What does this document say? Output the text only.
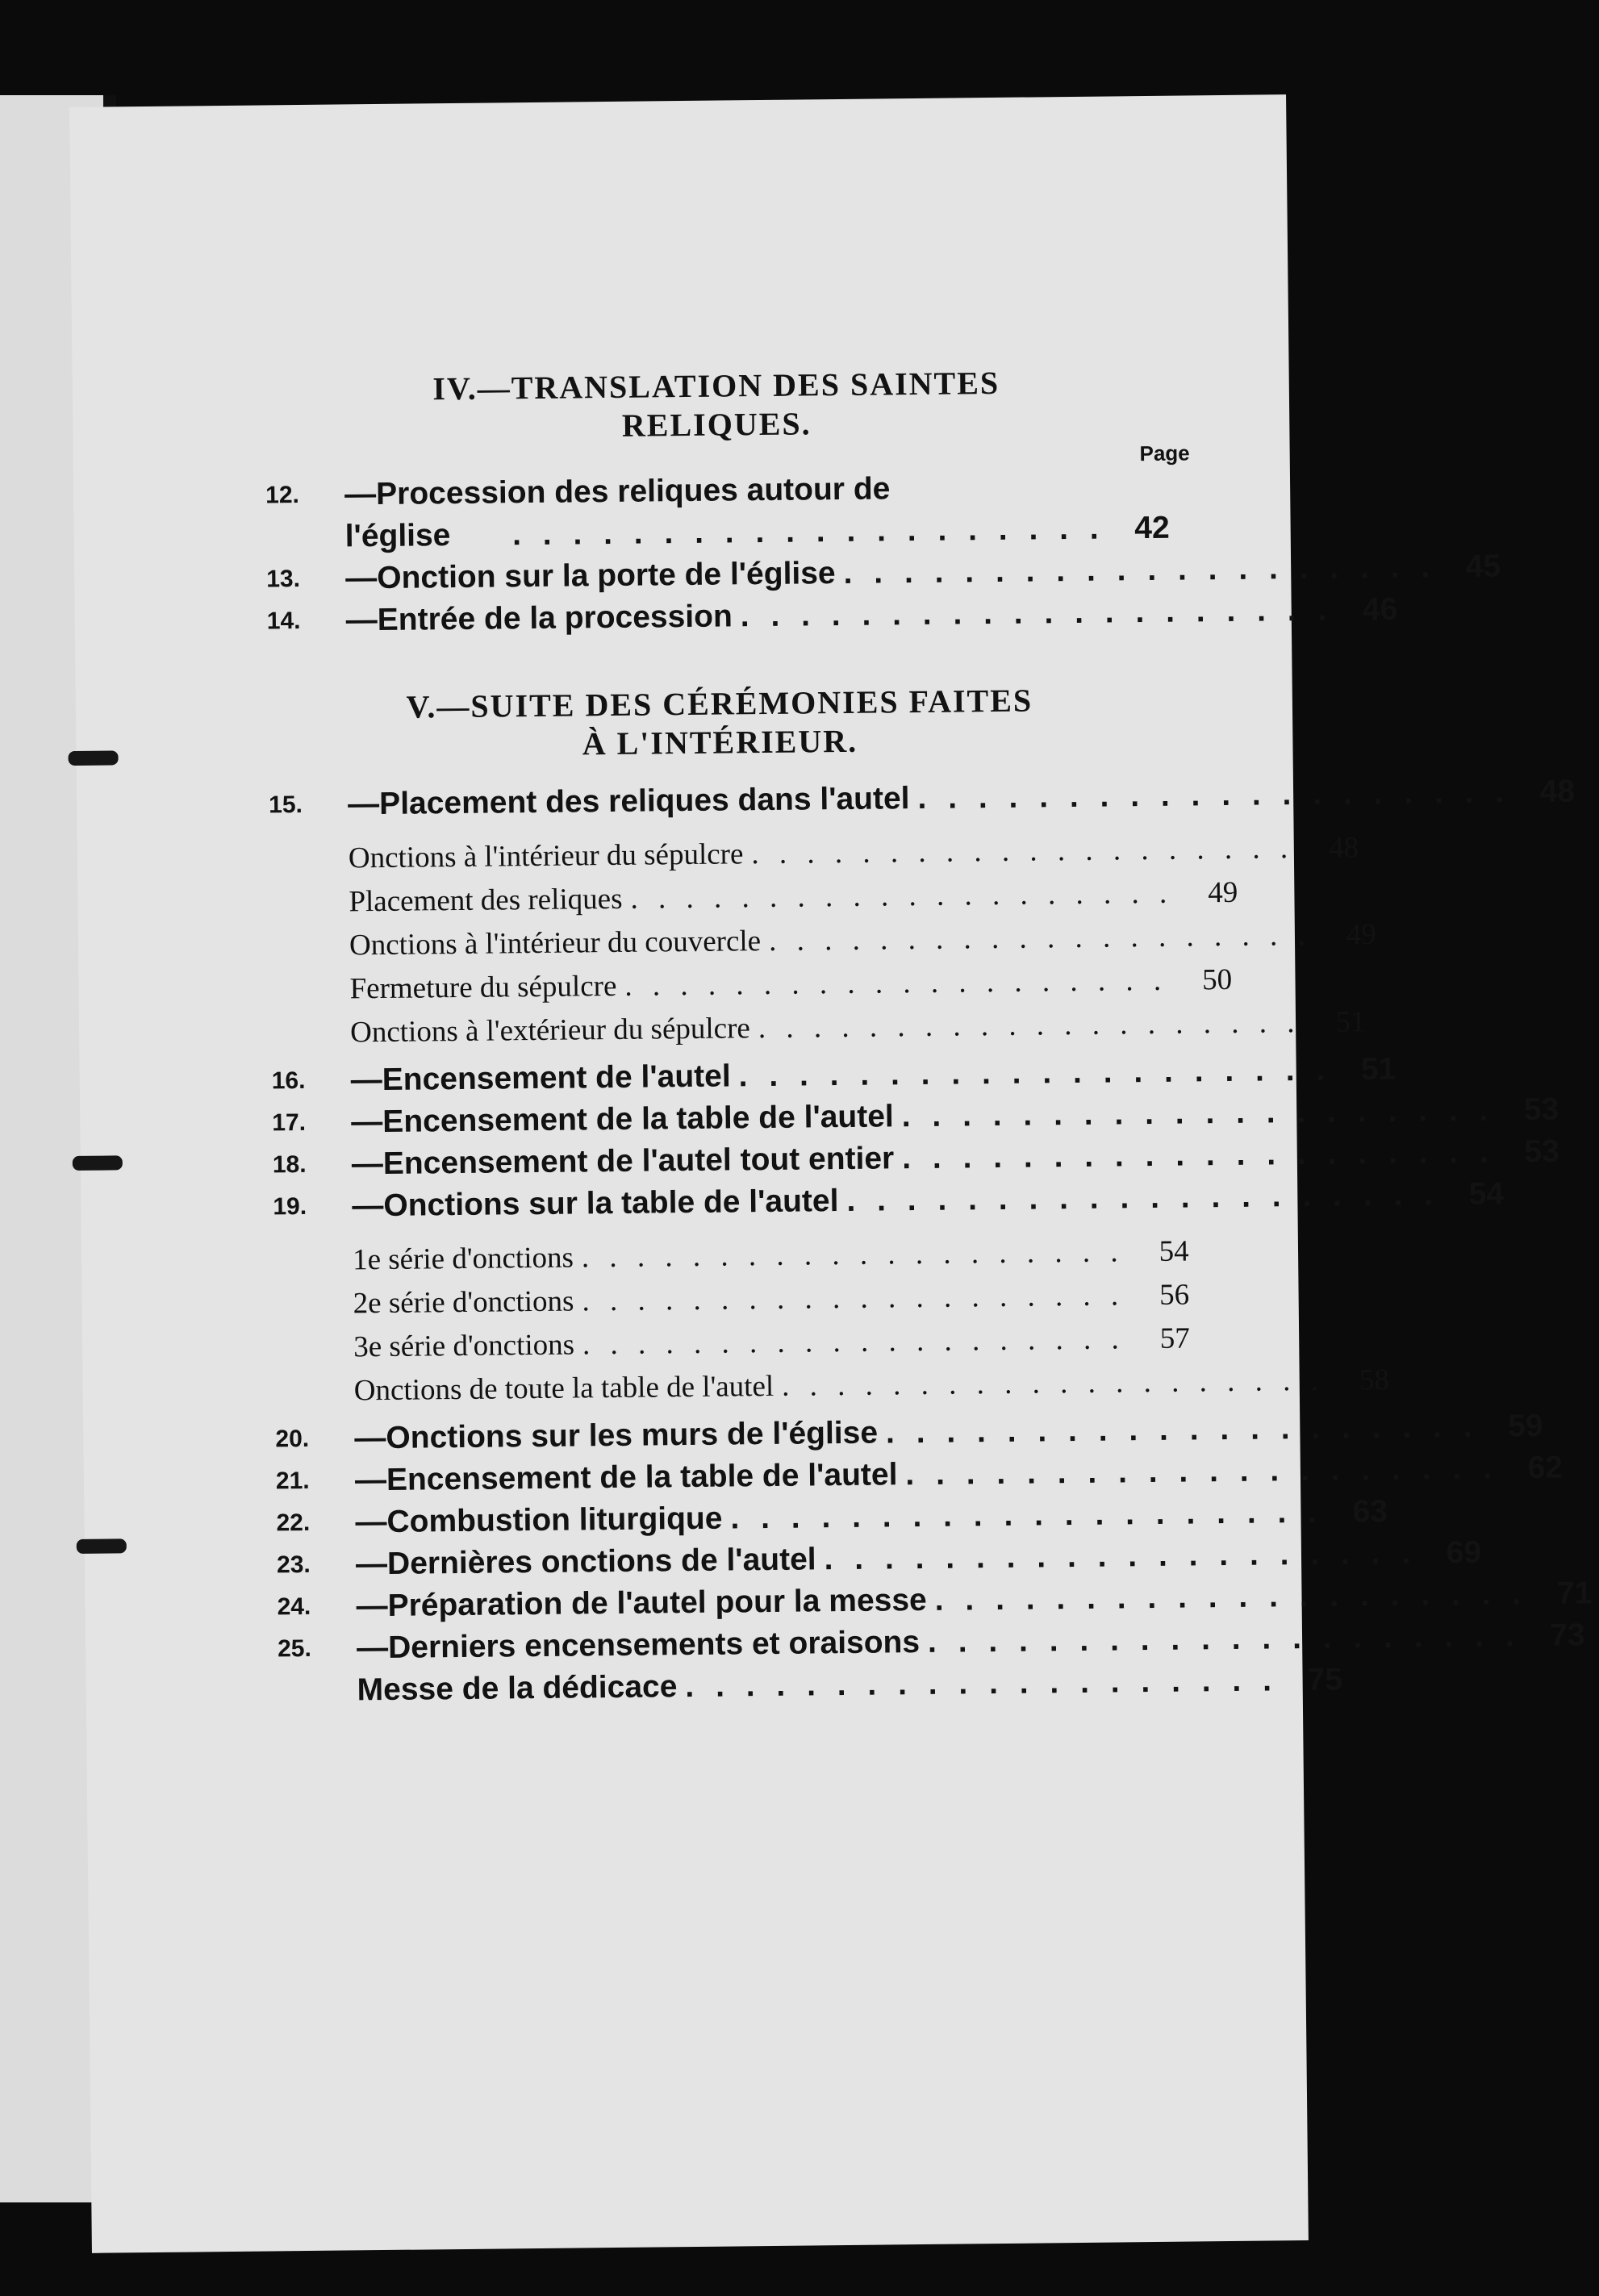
IV.—TRANSLATION DES SAINTES
RELIQUES.
Page
12.	—Procession des reliques autour de
l'église	. . . . . . . . . . . . . . . . . . . . 42
13.	—Onction sur la porte de l'église . . . . . . . . . . . . . . . . . . . . 45
14.	—Entrée de la procession . . . . . . . . . . . . . . . . . . . . 46
V.—SUITE DES CÉRÉMONIES FAITES
À L'INTÉRIEUR.
15.	—Placement des reliques dans l'autel . . . . . . . . . . . . . . . . . . . . 48
Onctions à l'intérieur du sépulcre . . . . . . . . . . . . . . . . . . . .	48
Placement des reliques . . . . . . . . . . . . . . . . . . . .	49
Onctions à l'intérieur du couvercle . . . . . . . . . . . . . . . . . . . .	49
Fermeture du sépulcre . . . . . . . . . . . . . . . . . . . .	50
Onctions à l'extérieur du sépulcre . . . . . . . . . . . . . . . . . . . .	51
16.	—Encensement de l'autel . . . . . . . . . . . . . . . . . . . . 51
17.	—Encensement de la table de l'autel . . . . . . . . . . . . . . . . . . . . 53
18.	—Encensement de l'autel tout entier . . . . . . . . . . . . . . . . . . . . 53
19.	—Onctions sur la table de l'autel . . . . . . . . . . . . . . . . . . . . 54
1e série d'onctions . . . . . . . . . . . . . . . . . . . .	54
2e série d'onctions . . . . . . . . . . . . . . . . . . . .	56
3e série d'onctions . . . . . . . . . . . . . . . . . . . .	57
Onctions de toute la table de l'autel . . . . . . . . . . . . . . . . . . . .	58
20.	—Onctions sur les murs de l'église . . . . . . . . . . . . . . . . . . . . 59
21.	—Encensement de la table de l'autel . . . . . . . . . . . . . . . . . . . . 62
22.	—Combustion liturgique . . . . . . . . . . . . . . . . . . . . 63
23.	—Dernières onctions de l'autel . . . . . . . . . . . . . . . . . . . . 69
24.	—Préparation de l'autel pour la messe . . . . . . . . . . . . . . . . . . . . 71
25.	—Derniers encensements et oraisons . . . . . . . . . . . . . . . . . . . . 73
Messe de la dédicace . . . . . . . . . . . . . . . . . . . . 75
